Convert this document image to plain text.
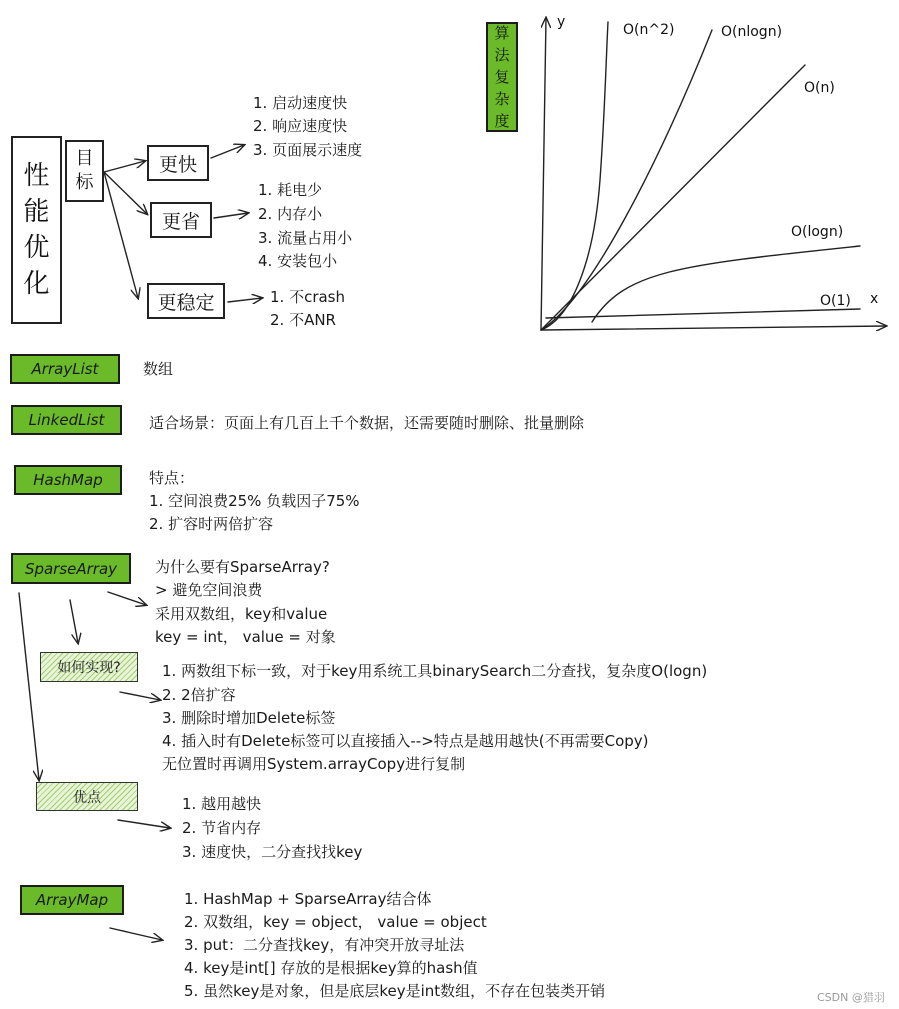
性
能
优
化
目
标
更快
更省
更稳定
1. 启动速度快
2. 响应速度快
3. 页面展示速度
1. 耗电少
2. 内存小
3. 流量占用小
4. 安装包小
1. 不crash
2. 不ANR
算
法
复
杂
度
y
x
O(n^2)	O(nlogn)
O(n)
O(logn)
O(1)
ArrayList	数组
LinkedList	适合场景：页面上有几百上千个数据，还需要随时删除、批量删除
HashMap	特点：
1. 空间浪费25% 负载因子75%
2. 扩容时两倍扩容
SparseArray	为什么要有SparseArray?
> 避免空间浪费
采用双数组，key和value
key = int， value = 对象
如何实现?	1. 两数组下标一致，对于key用系统工具binarySearch二分查找，复杂度O(logn)
2. 2倍扩容
3. 删除时增加Delete标签
4. 插入时有Delete标签可以直接插入-->特点是越用越快(不再需要Copy)
无位置时再调用System.arrayCopy进行复制
优点	1. 越用越快
2. 节省内存
3. 速度快，二分查找找key
ArrayMap	1. HashMap + SparseArray结合体
2. 双数组，key = object， value = object
3. put：二分查找key，有冲突开放寻址法
4. key是int[] 存放的是根据key算的hash值
5. 虽然key是对象，但是底层key是int数组，不存在包装类开销	CSDN @猎羽
